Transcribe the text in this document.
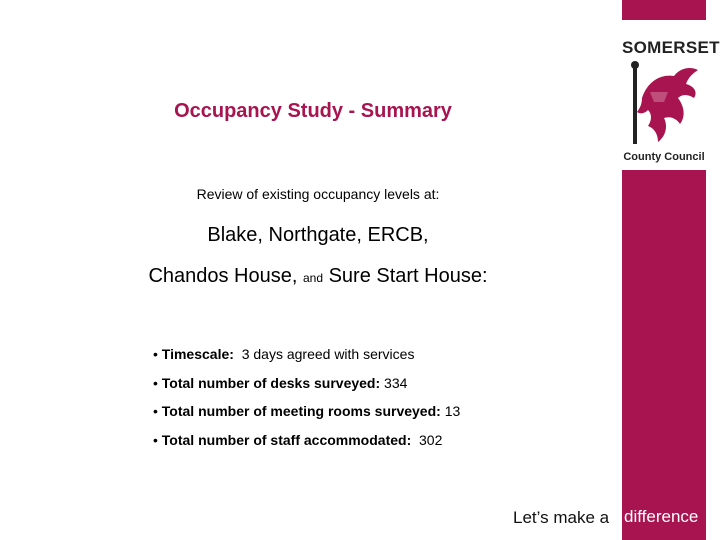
SOMERSET
County Council
Occupancy Study - Summary
Review of existing occupancy levels at:
Blake, Northgate, ERCB,
Chandos House, and Sure Start House:
• Timescale: 3 days agreed with services
• Total number of desks surveyed: 334
• Total number of meeting rooms surveyed: 13
• Total number of staff accommodated: 302
Let’s make a difference
